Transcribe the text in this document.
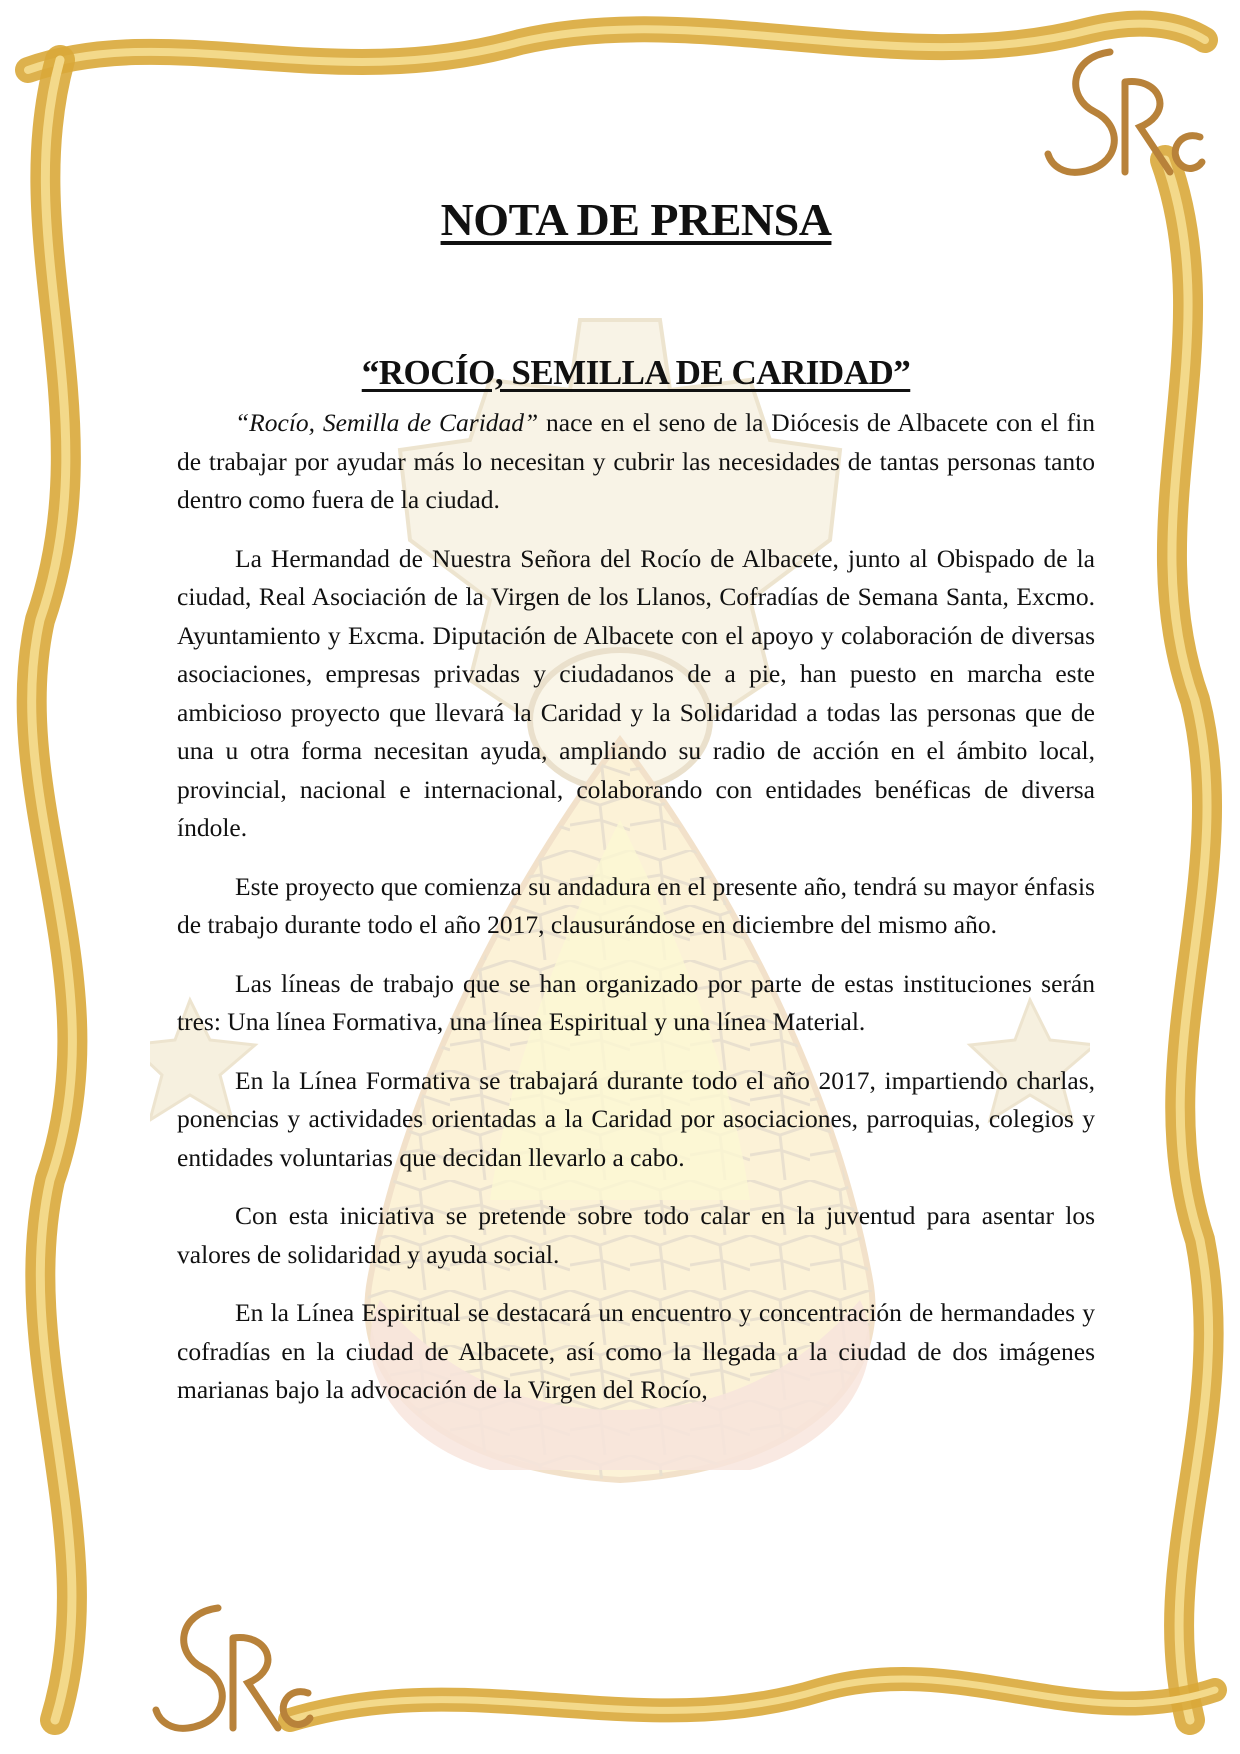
NOTA DE PRENSA
“ROCÍO, SEMILLA DE CARIDAD”

“Rocío, Semilla de Caridad” nace en el seno de la Diócesis de Albacete con el fin de trabajar por ayudar más lo necesitan y cubrir las necesidades de tantas personas tanto dentro como fuera de la ciudad.

La Hermandad de Nuestra Señora del Rocío de Albacete, junto al Obispado de la ciudad, Real Asociación de la Virgen de los Llanos, Cofradías de Semana Santa, Excmo. Ayuntamiento y Excma. Diputación de Albacete con el apoyo y colaboración de diversas asociaciones, empresas privadas y ciudadanos de a pie, han puesto en marcha este ambicioso proyecto que llevará la Caridad y la Solidaridad a todas las personas que de una u otra forma necesitan ayuda, ampliando su radio de acción en el ámbito local, provincial, nacional e internacional, colaborando con entidades benéficas de diversa índole.

Este proyecto que comienza su andadura en el presente año, tendrá su mayor énfasis de trabajo durante todo el año 2017, clausurándose en diciembre del mismo año.

Las líneas de trabajo que se han organizado por parte de estas instituciones serán tres: Una línea Formativa, una línea Espiritual y una línea Material.

En la Línea Formativa se trabajará durante todo el año 2017, impartiendo charlas, ponencias y actividades orientadas a la Caridad por asociaciones, parroquias, colegios y entidades voluntarias que decidan llevarlo a cabo.

Con esta iniciativa se pretende sobre todo calar en la juventud para asentar los valores de solidaridad y ayuda social.

En la Línea Espiritual se destacará un encuentro y concentración de hermandades y cofradías en la ciudad de Albacete, así como la llegada a la ciudad de dos imágenes marianas bajo la advocación de la Virgen del Rocío,
